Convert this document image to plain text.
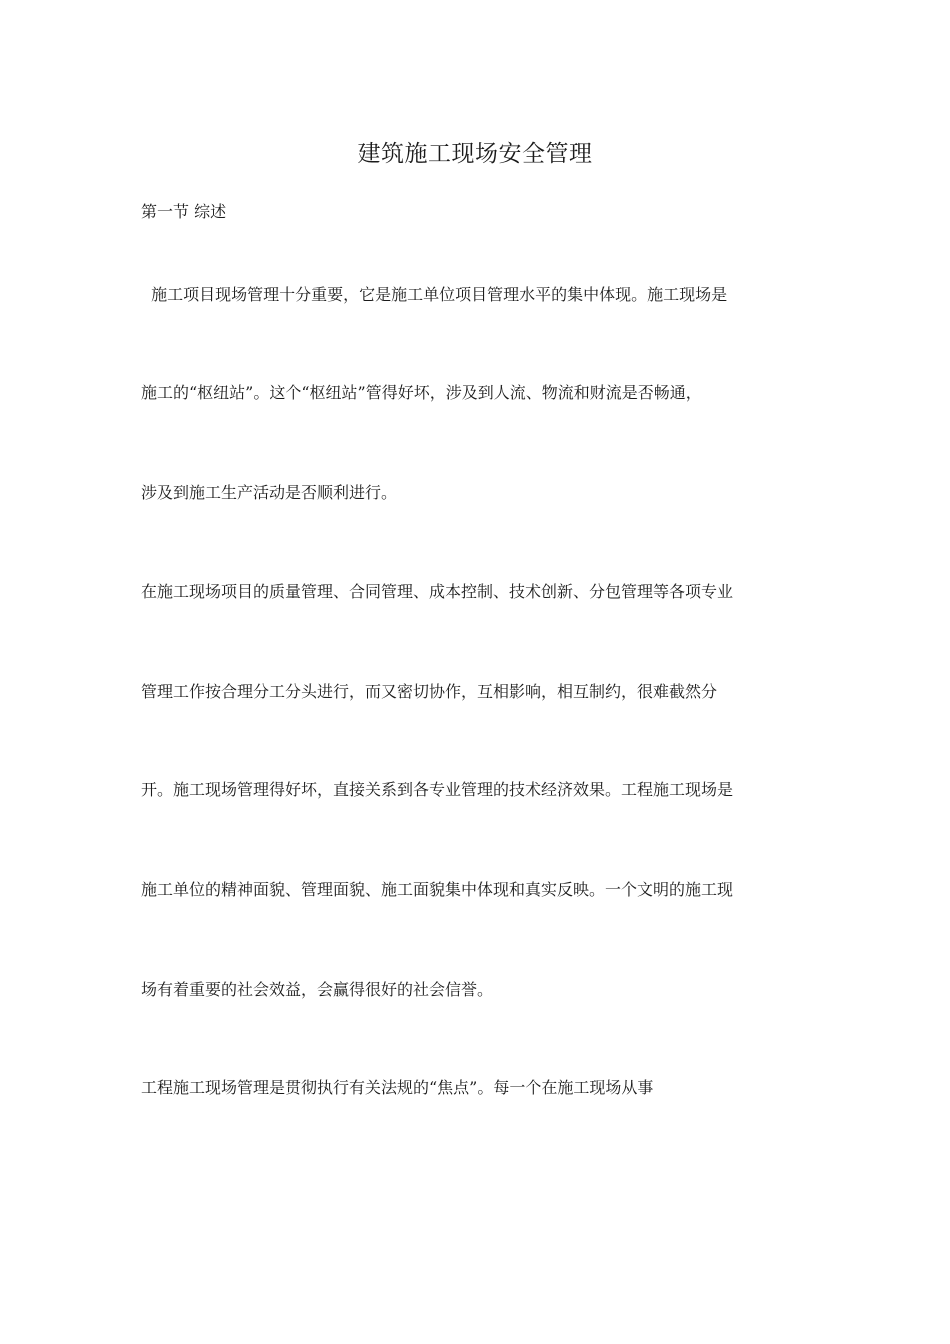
建筑施工现场安全管理
第一节 综述
施工项目现场管理十分重要，它是施工单位项目管理水平的集中体现。施工现场是
施工的“枢纽站”。这个“枢纽站”管得好坏，涉及到人流、物流和财流是否畅通，
涉及到施工生产活动是否顺利进行。
在施工现场项目的质量管理、合同管理、成本控制、技术创新、分包管理等各项专业
管理工作按合理分工分头进行，而又密切协作，互相影响，相互制约，很难截然分
开。施工现场管理得好坏，直接关系到各专业管理的技术经济效果。工程施工现场是
施工单位的精神面貌、管理面貌、施工面貌集中体现和真实反映。一个文明的施工现
场有着重要的社会效益，会赢得很好的社会信誉。
工程施工现场管理是贯彻执行有关法规的“焦点”。每一个在施工现场从事
